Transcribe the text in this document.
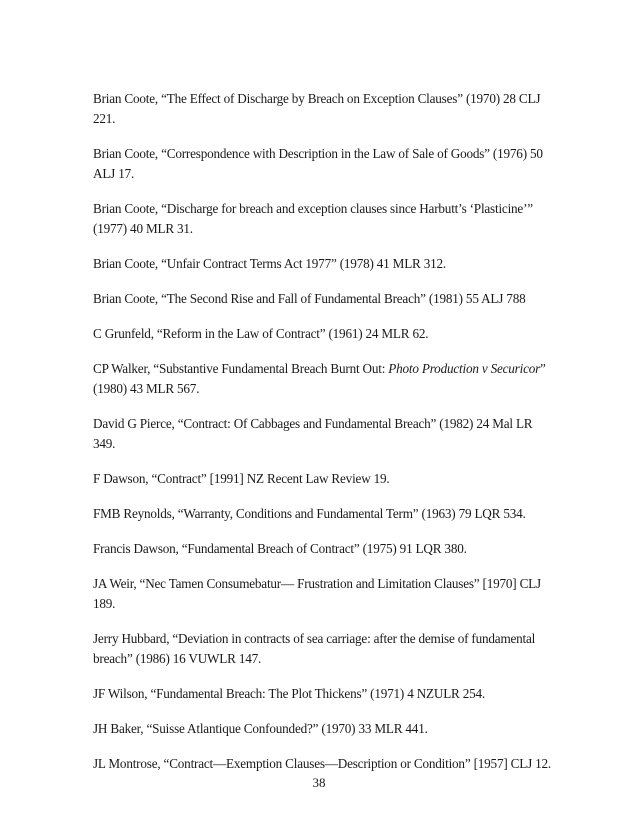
Brian Coote, “The Effect of Discharge by Breach on Exception Clauses” (1970) 28 CLJ 221.

Brian Coote, “Correspondence with Description in the Law of Sale of Goods” (1976) 50 ALJ 17.

Brian Coote, “Discharge for breach and exception clauses since Harbutt’s ‘Plasticine’” (1977) 40 MLR 31.

Brian Coote, “Unfair Contract Terms Act 1977” (1978) 41 MLR 312.

Brian Coote, “The Second Rise and Fall of Fundamental Breach” (1981) 55 ALJ 788

C Grunfeld, “Reform in the Law of Contract” (1961) 24 MLR 62.

CP Walker, “Substantive Fundamental Breach Burnt Out: Photo Production v Securicor” (1980) 43 MLR 567.

David G Pierce, “Contract: Of Cabbages and Fundamental Breach” (1982) 24 Mal LR 349.

F Dawson, “Contract” [1991] NZ Recent Law Review 19.

FMB Reynolds, “Warranty, Conditions and Fundamental Term” (1963) 79 LQR 534.

Francis Dawson, “Fundamental Breach of Contract” (1975) 91 LQR 380.

JA Weir, “Nec Tamen Consumebatur— Frustration and Limitation Clauses” [1970] CLJ 189.

Jerry Hubbard, “Deviation in contracts of sea carriage: after the demise of fundamental breach” (1986) 16 VUWLR 147.

JF Wilson, “Fundamental Breach: The Plot Thickens” (1971) 4 NZULR 254.

JH Baker, “Suisse Atlantique Confounded?” (1970) 33 MLR 441.

JL Montrose, “Contract—Exemption Clauses—Description or Condition” [1957] CLJ 12.

38
